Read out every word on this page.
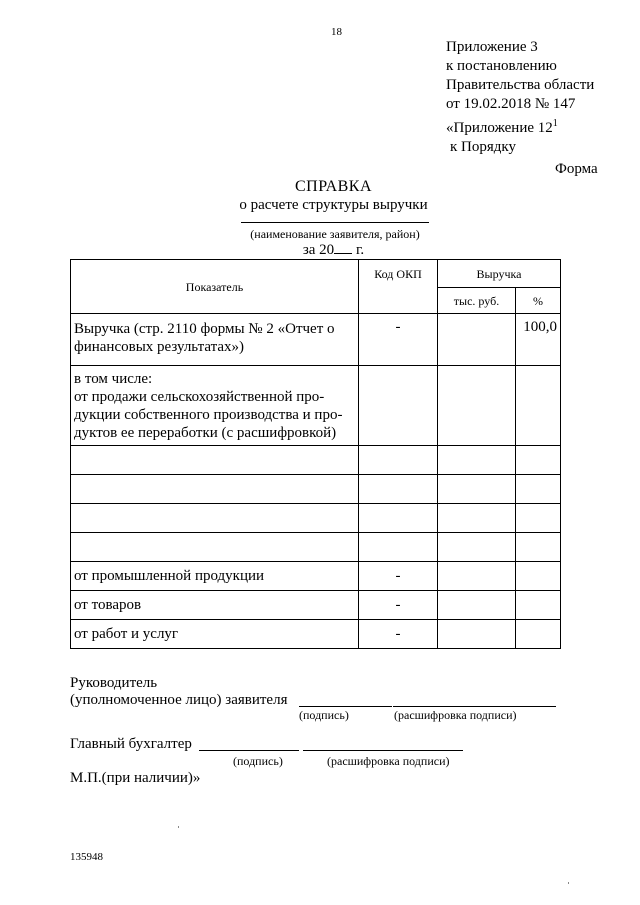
18
Приложение 3
к постановлению
Правительства области
от 19.02.2018 № 147
«Приложение $12^1$
к Порядку
Форма
СПРАВКА
о расчете структуры выручки
(наименование заявителя, район)
за 20 г.
Показатель	Код ОКП	Выручка	
		тыс. руб.	%
Выручка (стр. 2110 формы № 2 «Отчет о финансовых результатах»)	-		100,0
в том числе:
от продажи сельскохозяйственной про-
дукции собственного производства и про-
дуктов ее переработки (с расшифровкой)			

от промышленной продукции	-		
от товаров	-		
от работ и услуг	-		
Руководитель
(уполномоченное лицо) заявителя
(подпись)	(расшифровка подписи)
Главный бухгалтер
(подпись)	(расшифровка подписи)
М.П.(при наличии)»
135948
